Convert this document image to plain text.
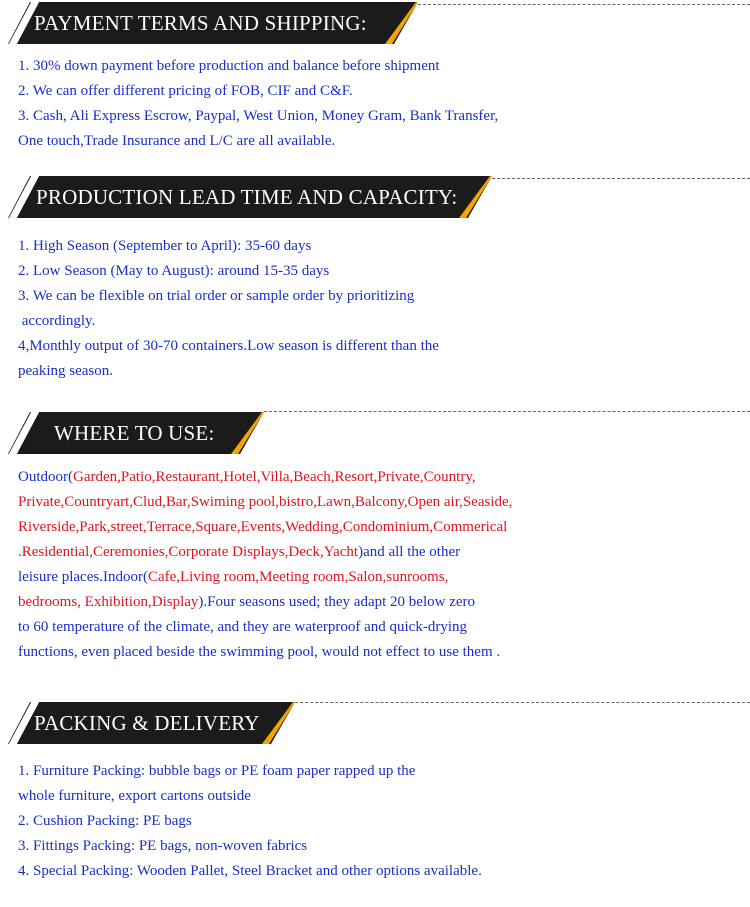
PAYMENT TERMS AND SHIPPING:
1. 30% down payment before production and balance before shipment
2. We can offer different pricing of FOB, CIF and C&F.
3. Cash, Ali Express Escrow, Paypal, West Union, Money Gram, Bank Transfer,
One touch,Trade Insurance and L/C are all available.
PRODUCTION LEAD TIME AND CAPACITY:
1. High Season (September to April): 35-60 days
2. Low Season (May to August): around 15-35 days
3. We can be flexible on trial order or sample order by prioritizing
accordingly.
4,Monthly output of 30-70 containers.Low season is different than the
peaking season.
WHERE TO USE:
Outdoor(Garden,Patio,Restaurant,Hotel,Villa,Beach,Resort,Private,Country,
Private,Countryart,Clud,Bar,Swiming pool,bistro,Lawn,Balcony,Open air,Seaside,
Riverside,Park,street,Terrace,Square,Events,Wedding,Condominium,Commerical
.Residential,Ceremonies,Corporate Displays,Deck,Yacht)and all the other
leisure places.Indoor(Cafe,Living room,Meeting room,Salon,sunrooms,
bedrooms, Exhibition,Display).Four seasons used; they adapt 20 below zero
to 60 temperature of the climate, and they are waterproof and quick-drying
functions, even placed beside the swimming pool, would not effect to use them .
PACKING & DELIVERY
1. Furniture Packing: bubble bags or PE foam paper rapped up the
whole furniture, export cartons outside
2. Cushion Packing: PE bags
3. Fittings Packing: PE bags, non-woven fabrics
4. Special Packing: Wooden Pallet, Steel Bracket and other options available.
